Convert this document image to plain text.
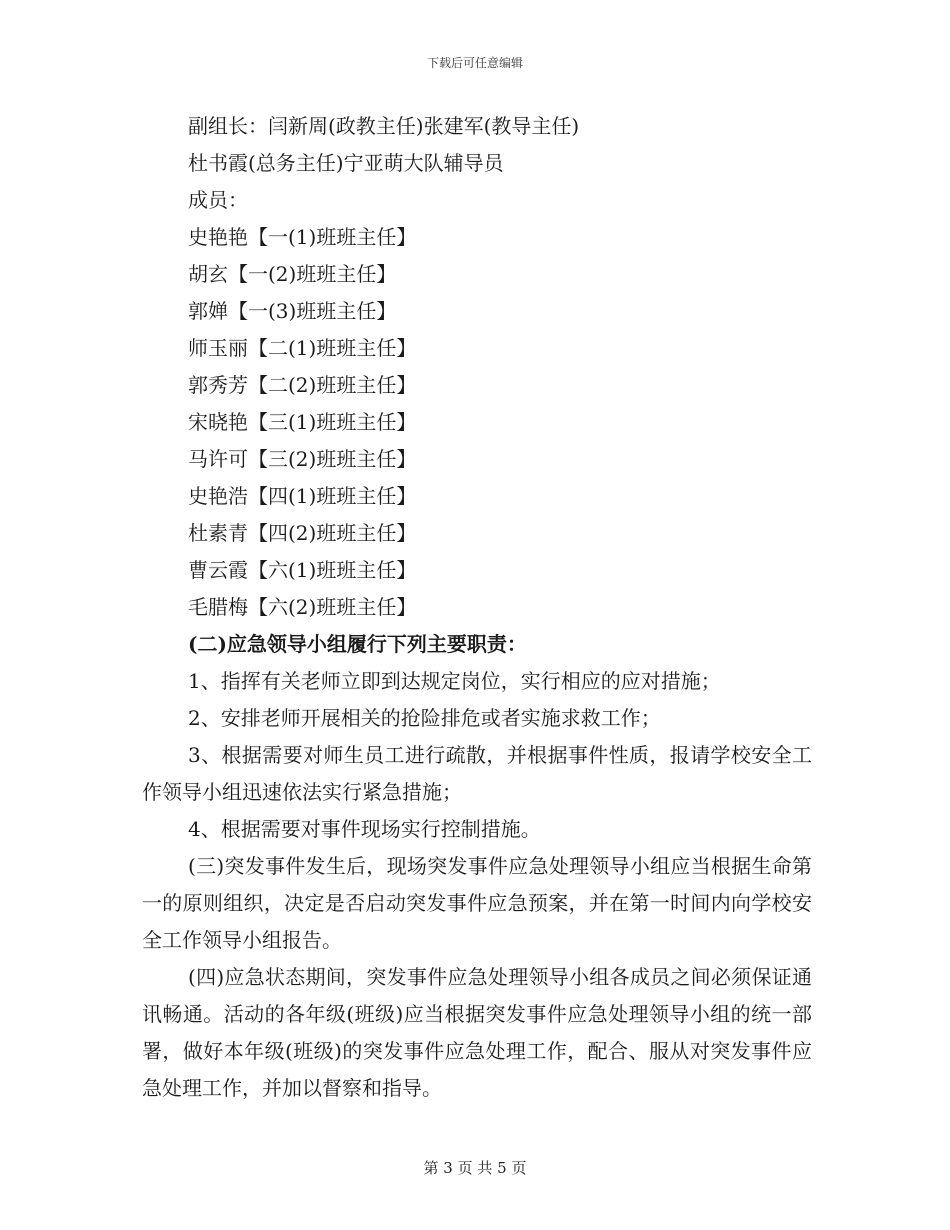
下载后可任意编辑
副组长：闫新周(政教主任)张建军(教导主任)
杜书霞(总务主任)宁亚萌大队辅导员
成员：
史艳艳【一(1)班班主任】
胡玄【一(2)班班主任】
郭婵【一(3)班班主任】
师玉丽【二(1)班班主任】
郭秀芳【二(2)班班主任】
宋晓艳【三(1)班班主任】
马许可【三(2)班班主任】
史艳浩【四(1)班班主任】
杜素青【四(2)班班主任】
曹云霞【六(1)班班主任】
毛腊梅【六(2)班班主任】
(二)应急领导小组履行下列主要职责：
1、指挥有关老师立即到达规定岗位，实行相应的应对措施；
2、安排老师开展相关的抢险排危或者实施求救工作；
3、根据需要对师生员工进行疏散，并根据事件性质，报请学校安全工作领导小组迅速依法实行紧急措施；
4、根据需要对事件现场实行控制措施。
(三)突发事件发生后，现场突发事件应急处理领导小组应当根据生命第一的原则组织，决定是否启动突发事件应急预案，并在第一时间内向学校安全工作领导小组报告。
(四)应急状态期间，突发事件应急处理领导小组各成员之间必须保证通讯畅通。活动的各年级(班级)应当根据突发事件应急处理领导小组的统一部署，做好本年级(班级)的突发事件应急处理工作，配合、服从对突发事件应急处理工作，并加以督察和指导。
第 3 页 共 5 页
